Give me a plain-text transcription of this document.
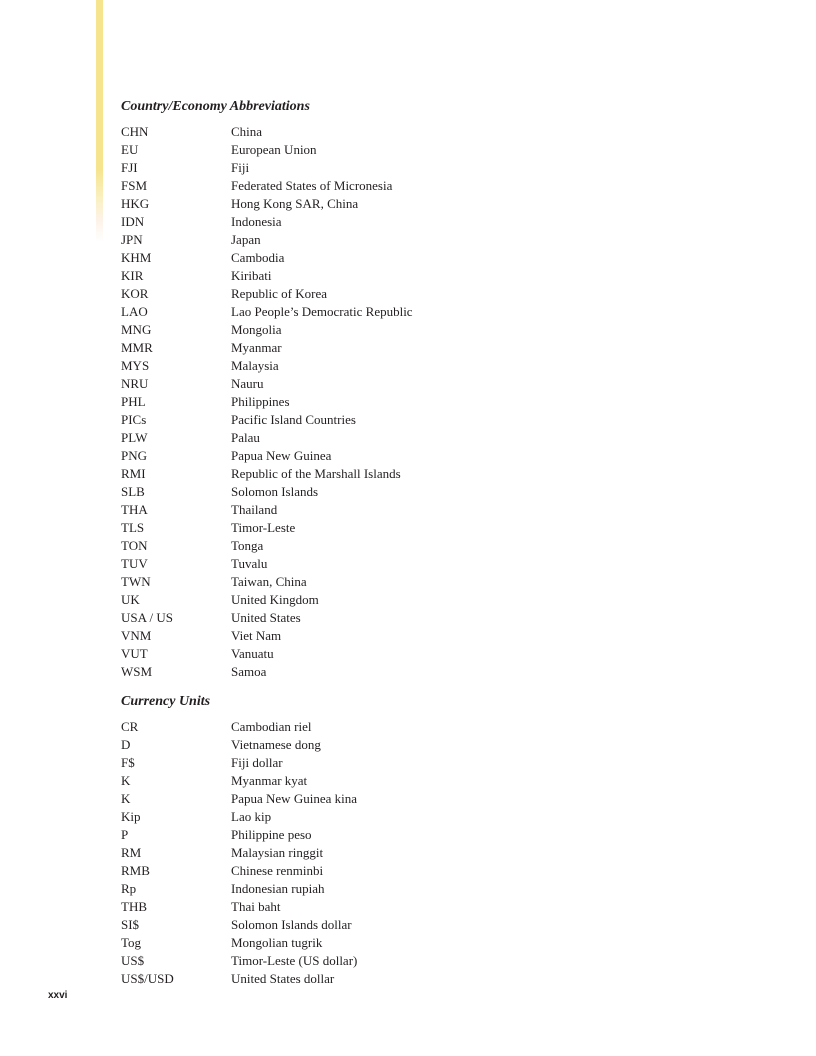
Country/Economy Abbreviations
CHN	China
EU	European Union
FJI	Fiji
FSM	Federated States of Micronesia
HKG	Hong Kong SAR, China
IDN	Indonesia
JPN	Japan
KHM	Cambodia
KIR	Kiribati
KOR	Republic of Korea
LAO	Lao People’s Democratic Republic
MNG	Mongolia
MMR	Myanmar
MYS	Malaysia
NRU	Nauru
PHL	Philippines
PICs	Pacific Island Countries
PLW	Palau
PNG	Papua New Guinea
RMI	Republic of the Marshall Islands
SLB	Solomon Islands
THA	Thailand
TLS	Timor-Leste
TON	Tonga
TUV	Tuvalu
TWN	Taiwan, China
UK	United Kingdom
USA / US	United States
VNM	Viet Nam
VUT	Vanuatu
WSM	Samoa
Currency Units
CR	Cambodian riel
D	Vietnamese dong
F$	Fiji dollar
K	Myanmar kyat
K	Papua New Guinea kina
Kip	Lao kip
P	Philippine peso
RM	Malaysian ringgit
RMB	Chinese renminbi
Rp	Indonesian rupiah
THB	Thai baht
SI$	Solomon Islands dollar
Tog	Mongolian tugrik
US$	Timor-Leste (US dollar)
US$/USD	United States dollar
xxvi
